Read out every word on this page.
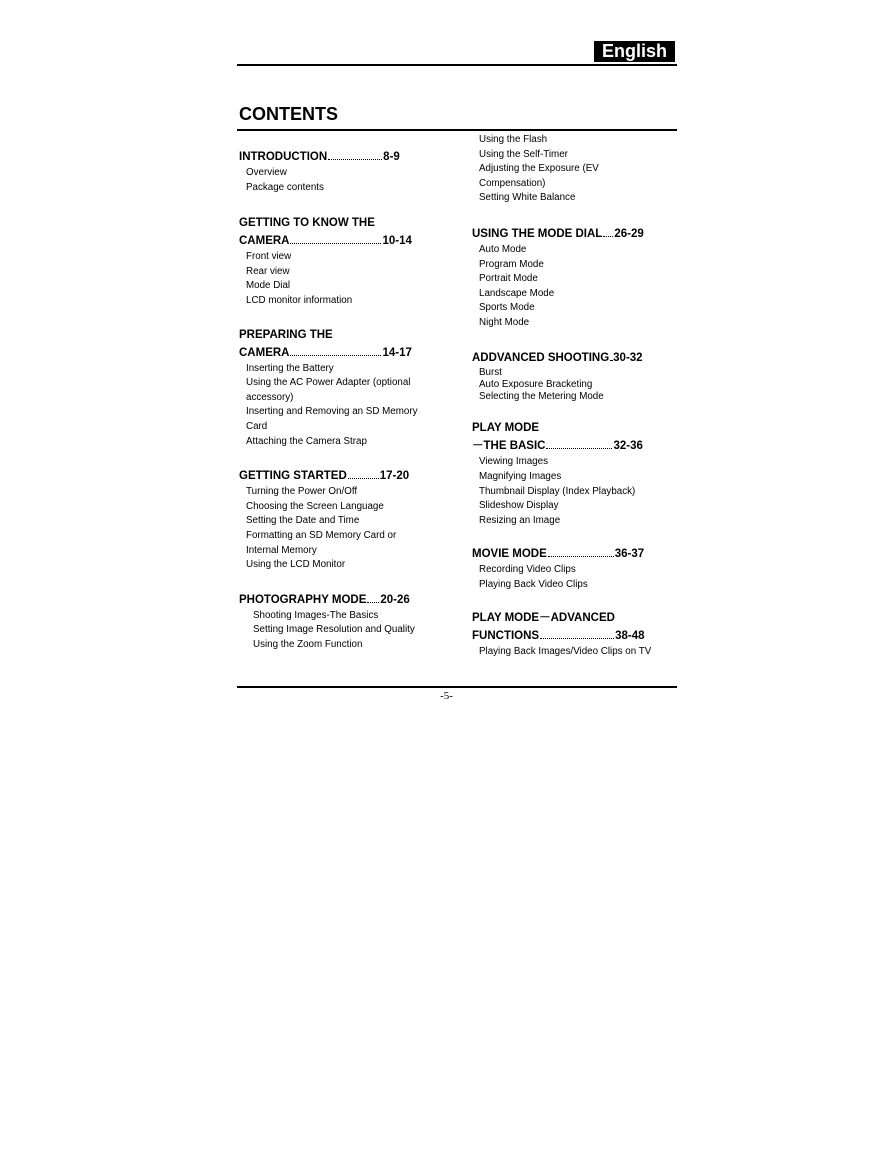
English
CONTENTS
INTRODUCTION	8-9
Overview
Package contents
GETTING TO KNOW THE
CAMERA	10-14
Front view
Rear view
Mode Dial
LCD monitor information
PREPARING THE
CAMERA	14-17
Inserting the Battery
Using the AC Power Adapter (optional
accessory)
Inserting and Removing an SD Memory
Card
Attaching the Camera Strap
GETTING STARTED	17-20
Turning the Power On/Off
Choosing the Screen Language
Setting the Date and Time
Formatting an SD Memory Card or
Internal Memory
Using the LCD Monitor
PHOTOGRAPHY MODE 20-26
Shooting Images-The Basics
Setting Image Resolution and Quality
Using the Zoom Function
Using the Flash
Using the Self-Timer
Adjusting the Exposure (EV
Compensation)
Setting White Balance
USING THE MODE DIAL 26-29
Auto Mode
Program Mode
Portrait Mode
Landscape Mode
Sports Mode
Night Mode
ADDVANCED SHOOTING 30-32
Burst
Auto Exposure Bracketing
Selecting the Metering Mode
PLAY MODE
－THE BASIC	32-36
Viewing Images
Magnifying Images
Thumbnail Display (Index Playback)
Slideshow Display
Resizing an Image
MOVIE MODE	36-37
Recording Video Clips
Playing Back Video Clips
PLAY MODE－ADVANCED
FUNCTIONS	38-48
Playing Back Images/Video Clips on TV
-5-
